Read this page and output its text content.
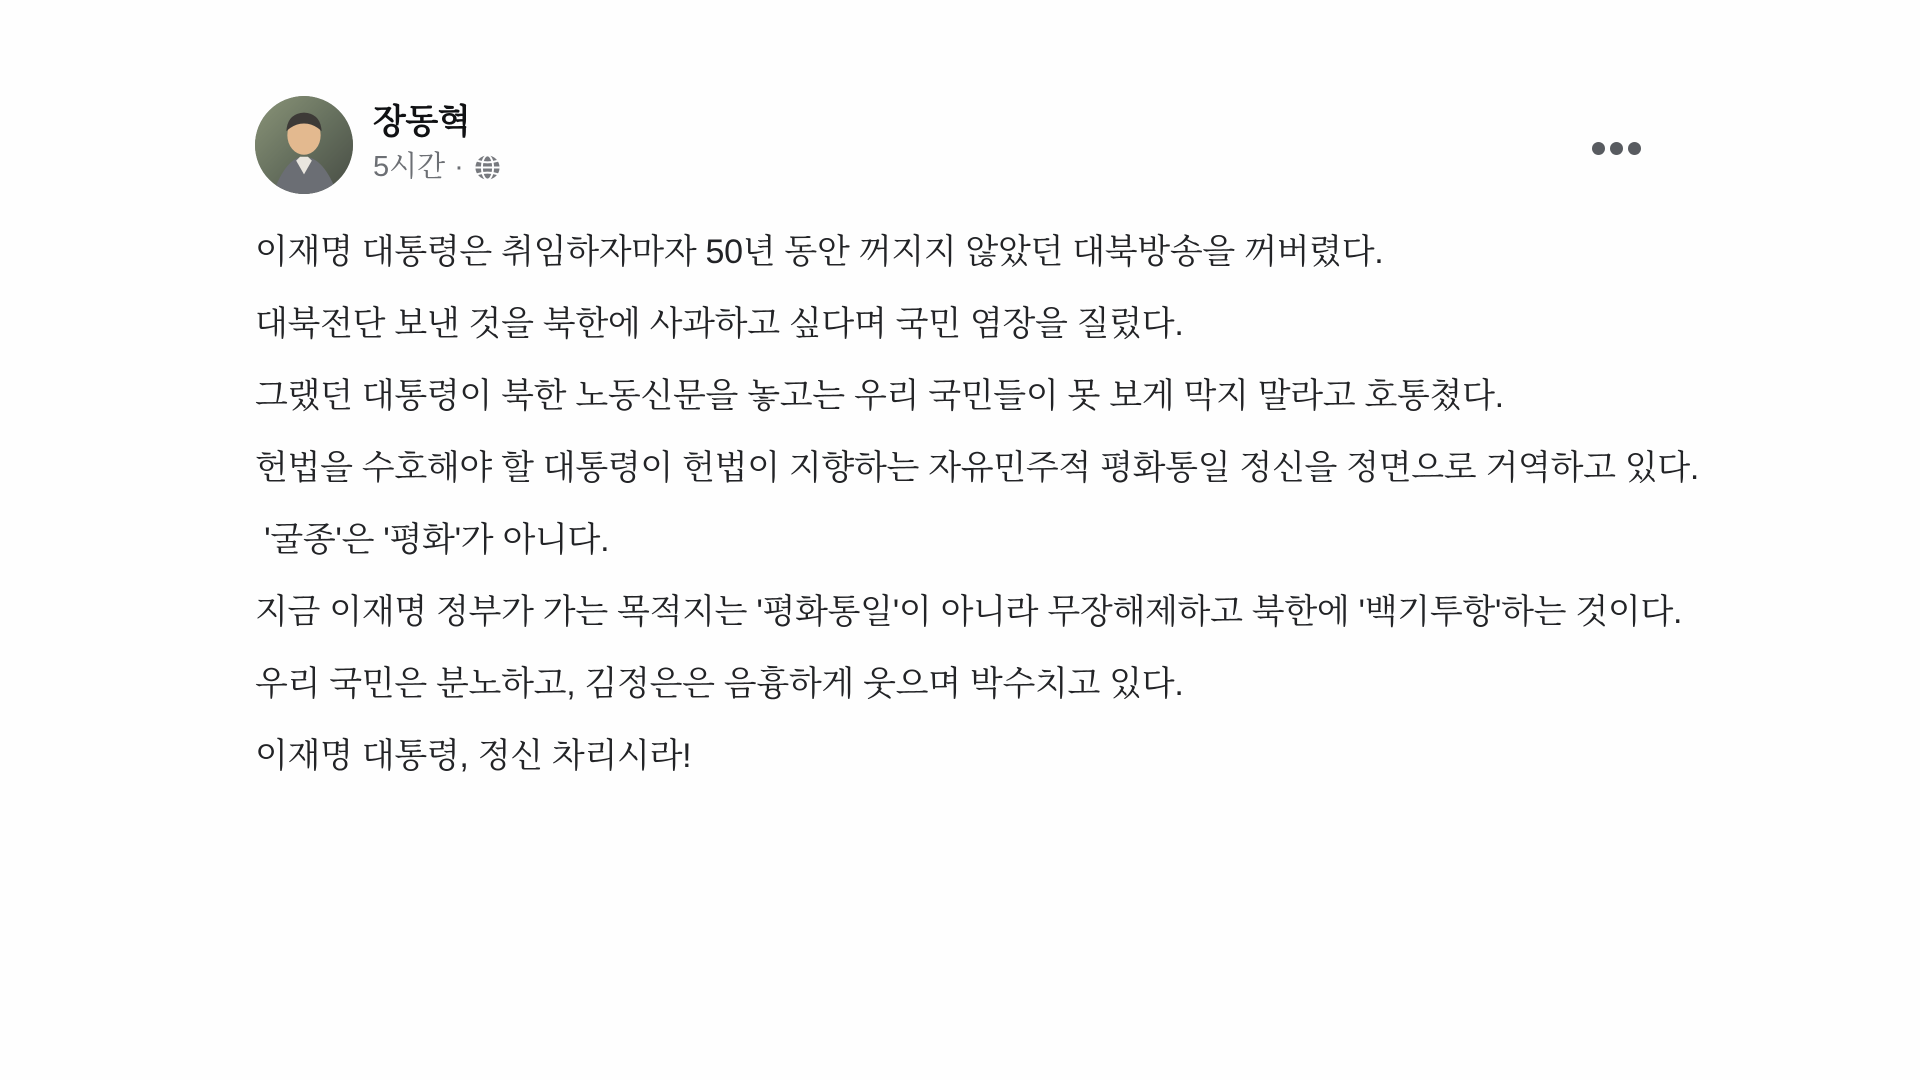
장동혁
5시간 ·

이재명 대통령은 취임하자마자 50년 동안 꺼지지 않았던 대북방송을 꺼버렸다.

대북전단 보낸 것을 북한에 사과하고 싶다며 국민 염장을 질렀다.

그랬던 대통령이 북한 노동신문을 놓고는 우리 국민들이 못 보게 막지 말라고 호통쳤다.

헌법을 수호해야 할 대통령이 헌법이 지향하는 자유민주적 평화통일 정신을 정면으로 거역하고 있다.

'굴종'은 '평화'가 아니다.

지금 이재명 정부가 가는 목적지는 '평화통일'이 아니라 무장해제하고 북한에 '백기투항'하는 것이다.

우리 국민은 분노하고, 김정은은 음흉하게 웃으며 박수치고 있다.

이재명 대통령, 정신 차리시라!
